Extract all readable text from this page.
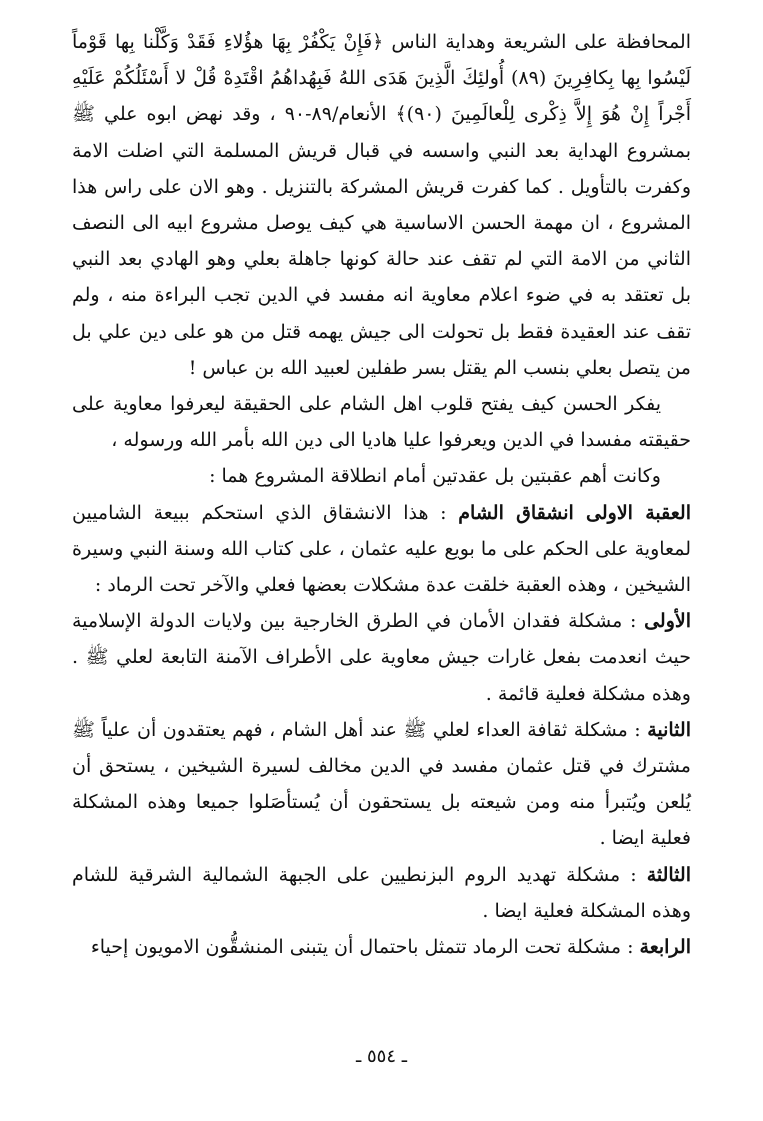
المحافظة على الشريعة وهداية الناس ﴿فَإِنْ يَكْفُرْ بِهَا هؤُلاءِ فَقَدْ وَكَّلْنا بِها قَوْماً لَيْسُوا بِها بِكافِرِينَ (٨٩) أُولئِكَ الَّذِينَ هَدَى اللهُ فَبِهُداهُمُ اقْتَدِهْ قُلْ لا أَسْئَلُكُمْ عَلَيْهِ أَجْراً إِنْ هُوَ إِلاَّ ذِكْرى لِلْعالَمِينَ (٩٠)﴾ الأنعام/٨٩-٩٠ ، وقد نهض ابوه علي ﷺ بمشروع الهداية بعد النبي واسسه في قبال قريش المسلمة التي اضلت الامة وكفرت بالتأويل . كما كفرت قريش المشركة بالتنزيل . وهو الان على راس هذا المشروع ، ان مهمة الحسن الاساسية هي كيف يوصل مشروع ابيه الى النصف الثاني من الامة التي لم تقف عند حالة كونها جاهلة بعلي وهو الهادي بعد النبي بل تعتقد به في ضوء اعلام معاوية انه مفسد في الدين تجب البراءة منه ، ولم تقف عند العقيدة فقط بل تحولت الى جيش يهمه قتل من هو على دين علي بل من يتصل بعلي بنسب الم يقتل بسر طفلين لعبيد الله بن عباس !

يفكر الحسن كيف يفتح قلوب اهل الشام على الحقيقة ليعرفوا معاوية على حقيقته مفسدا في الدين ويعرفوا عليا هاديا الى دين الله بأمر الله ورسوله ،

وكانت أهم عقبتين بل عقدتين أمام انطلاقة المشروع هما :

العقبة الاولى انشقاق الشام : هذا الانشقاق الذي استحكم ببيعة الشاميين لمعاوية على الحكم على ما بويع عليه عثمان ، على كتاب الله وسنة النبي وسيرة الشيخين ، وهذه العقبة خلقت عدة مشكلات بعضها فعلي والآخر تحت الرماد :

الأولى : مشكلة فقدان الأمان في الطرق الخارجية بين ولايات الدولة الإسلامية حيث انعدمت بفعل غارات جيش معاوية على الأطراف الآمنة التابعة لعلي ﷺ . وهذه مشكلة فعلية قائمة .

الثانية : مشكلة ثقافة العداء لعلي ﷺ عند أهل الشام ، فهم يعتقدون أن علياً ﷺ مشترك في قتل عثمان مفسد في الدين مخالف لسيرة الشيخين ، يستحق أن يُلعن ويُتبرأ منه ومن شيعته بل يستحقون أن يُستأصَلوا جميعا وهذه المشكلة فعلية ايضا .

الثالثة : مشكلة تهديد الروم البزنطيين على الجبهة الشمالية الشرقية للشام وهذه المشكلة فعلية ايضا .

الرابعة : مشكلة تحت الرماد تتمثل باحتمال أن يتبنى المنشقُّون الامويون إحياء

ـ ٥٥٤ ـ
